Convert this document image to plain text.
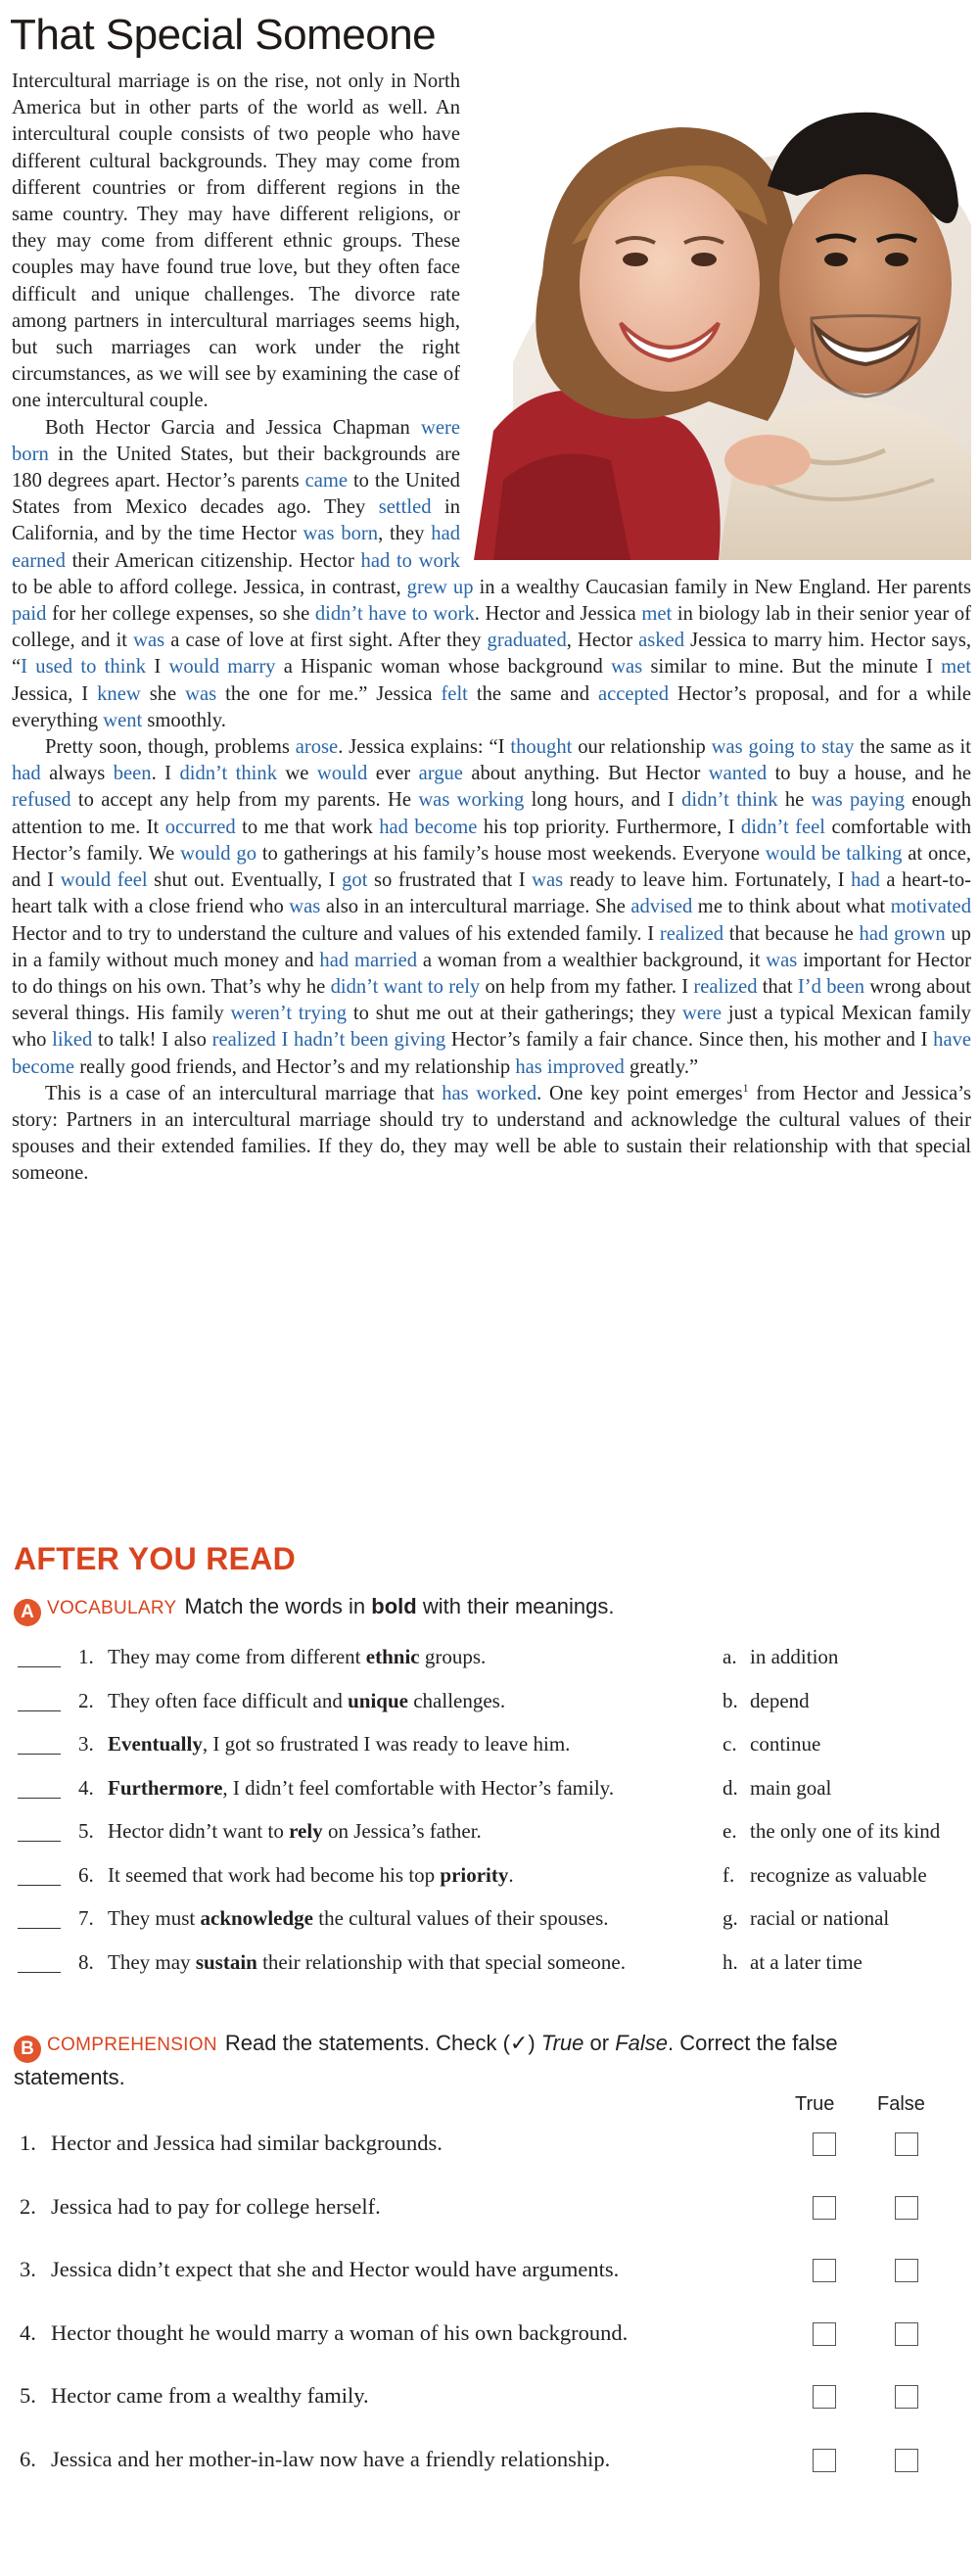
That Special Someone

Intercultural marriage is on the rise, not only in North America but in other parts of the world as well. An intercultural couple consists of two people who have different cultural backgrounds. They may come from different countries or from different regions in the same country. They may have different religions, or they may come from different ethnic groups. These couples may have found true love, but they often face difficult and unique challenges. The divorce rate among partners in intercultural marriages seems high, but such marriages can work under the right circumstances, as we will see by examining the case of one intercultural couple.

Both Hector Garcia and Jessica Chapman were born in the United States, but their backgrounds are 180 degrees apart. Hector’s parents came to the United States from Mexico decades ago. They settled in California, and by the time Hector was born, they had earned their American citizenship. Hector had to work to be able to afford college. Jessica, in contrast, grew up in a wealthy Caucasian family in New England. Her parents paid for her college expenses, so she didn’t have to work. Hector and Jessica met in biology lab in their senior year of college, and it was a case of love at first sight. After they graduated, Hector asked Jessica to marry him. Hector says, “I used to think I would marry a Hispanic woman whose background was similar to mine. But the minute I met Jessica, I knew she was the one for me.” Jessica felt the same and accepted Hector’s proposal, and for a while everything went smoothly.

Pretty soon, though, problems arose. Jessica explains: “I thought our relationship was going to stay the same as it had always been. I didn’t think we would ever argue about anything. But Hector wanted to buy a house, and he refused to accept any help from my parents. He was working long hours, and I didn’t think he was paying enough attention to me. It occurred to me that work had become his top priority. Furthermore, I didn’t feel comfortable with Hector’s family. We would go to gatherings at his family’s house most weekends. Everyone would be talking at once, and I would feel shut out. Eventually, I got so frustrated that I was ready to leave him. Fortunately, I had a heart-to-heart talk with a close friend who was also in an intercultural marriage. She advised me to think about what motivated Hector and to try to understand the culture and values of his extended family. I realized that because he had grown up in a family without much money and had married a woman from a wealthier background, it was important for Hector to do things on his own. That’s why he didn’t want to rely on help from my father. I realized that I’d been wrong about several things. His family weren’t trying to shut me out at their gatherings; they were just a typical Mexican family who liked to talk! I also realized I hadn’t been giving Hector’s family a fair chance. Since then, his mother and I have become really good friends, and Hector’s and my relationship has improved greatly.”

This is a case of an intercultural marriage that has worked. One key point emerges$^1$ from Hector and Jessica’s story: Partners in an intercultural marriage should try to understand and acknowledge the cultural values of their spouses and their extended families. If they do, they may well be able to sustain their relationship with that special someone.

AFTER YOU READ
A VOCABULARY Match the words in bold with their meanings.
1. They may come from different ethnic groups.	a. in addition
2. They often face difficult and unique challenges.	b. depend
3. Eventually, I got so frustrated I was ready to leave him.	c. continue
4. Furthermore, I didn’t feel comfortable with Hector’s family.	d. main goal
5. Hector didn’t want to rely on Jessica’s father.	e. the only one of its kind
6. It seemed that work had become his top priority.	f. recognize as valuable
7. They must acknowledge the cultural values of their spouses.	g. racial or national
8. They may sustain their relationship with that special someone.	h. at a later time
B COMPREHENSION Read the statements. Check (✓) True or False. Correct the false statements.
True False
1. Hector and Jessica had similar backgrounds.
2. Jessica had to pay for college herself.
3. Jessica didn’t expect that she and Hector would have arguments.
4. Hector thought he would marry a woman of his own background.
5. Hector came from a wealthy family.
6. Jessica and her mother-in-law now have a friendly relationship.
